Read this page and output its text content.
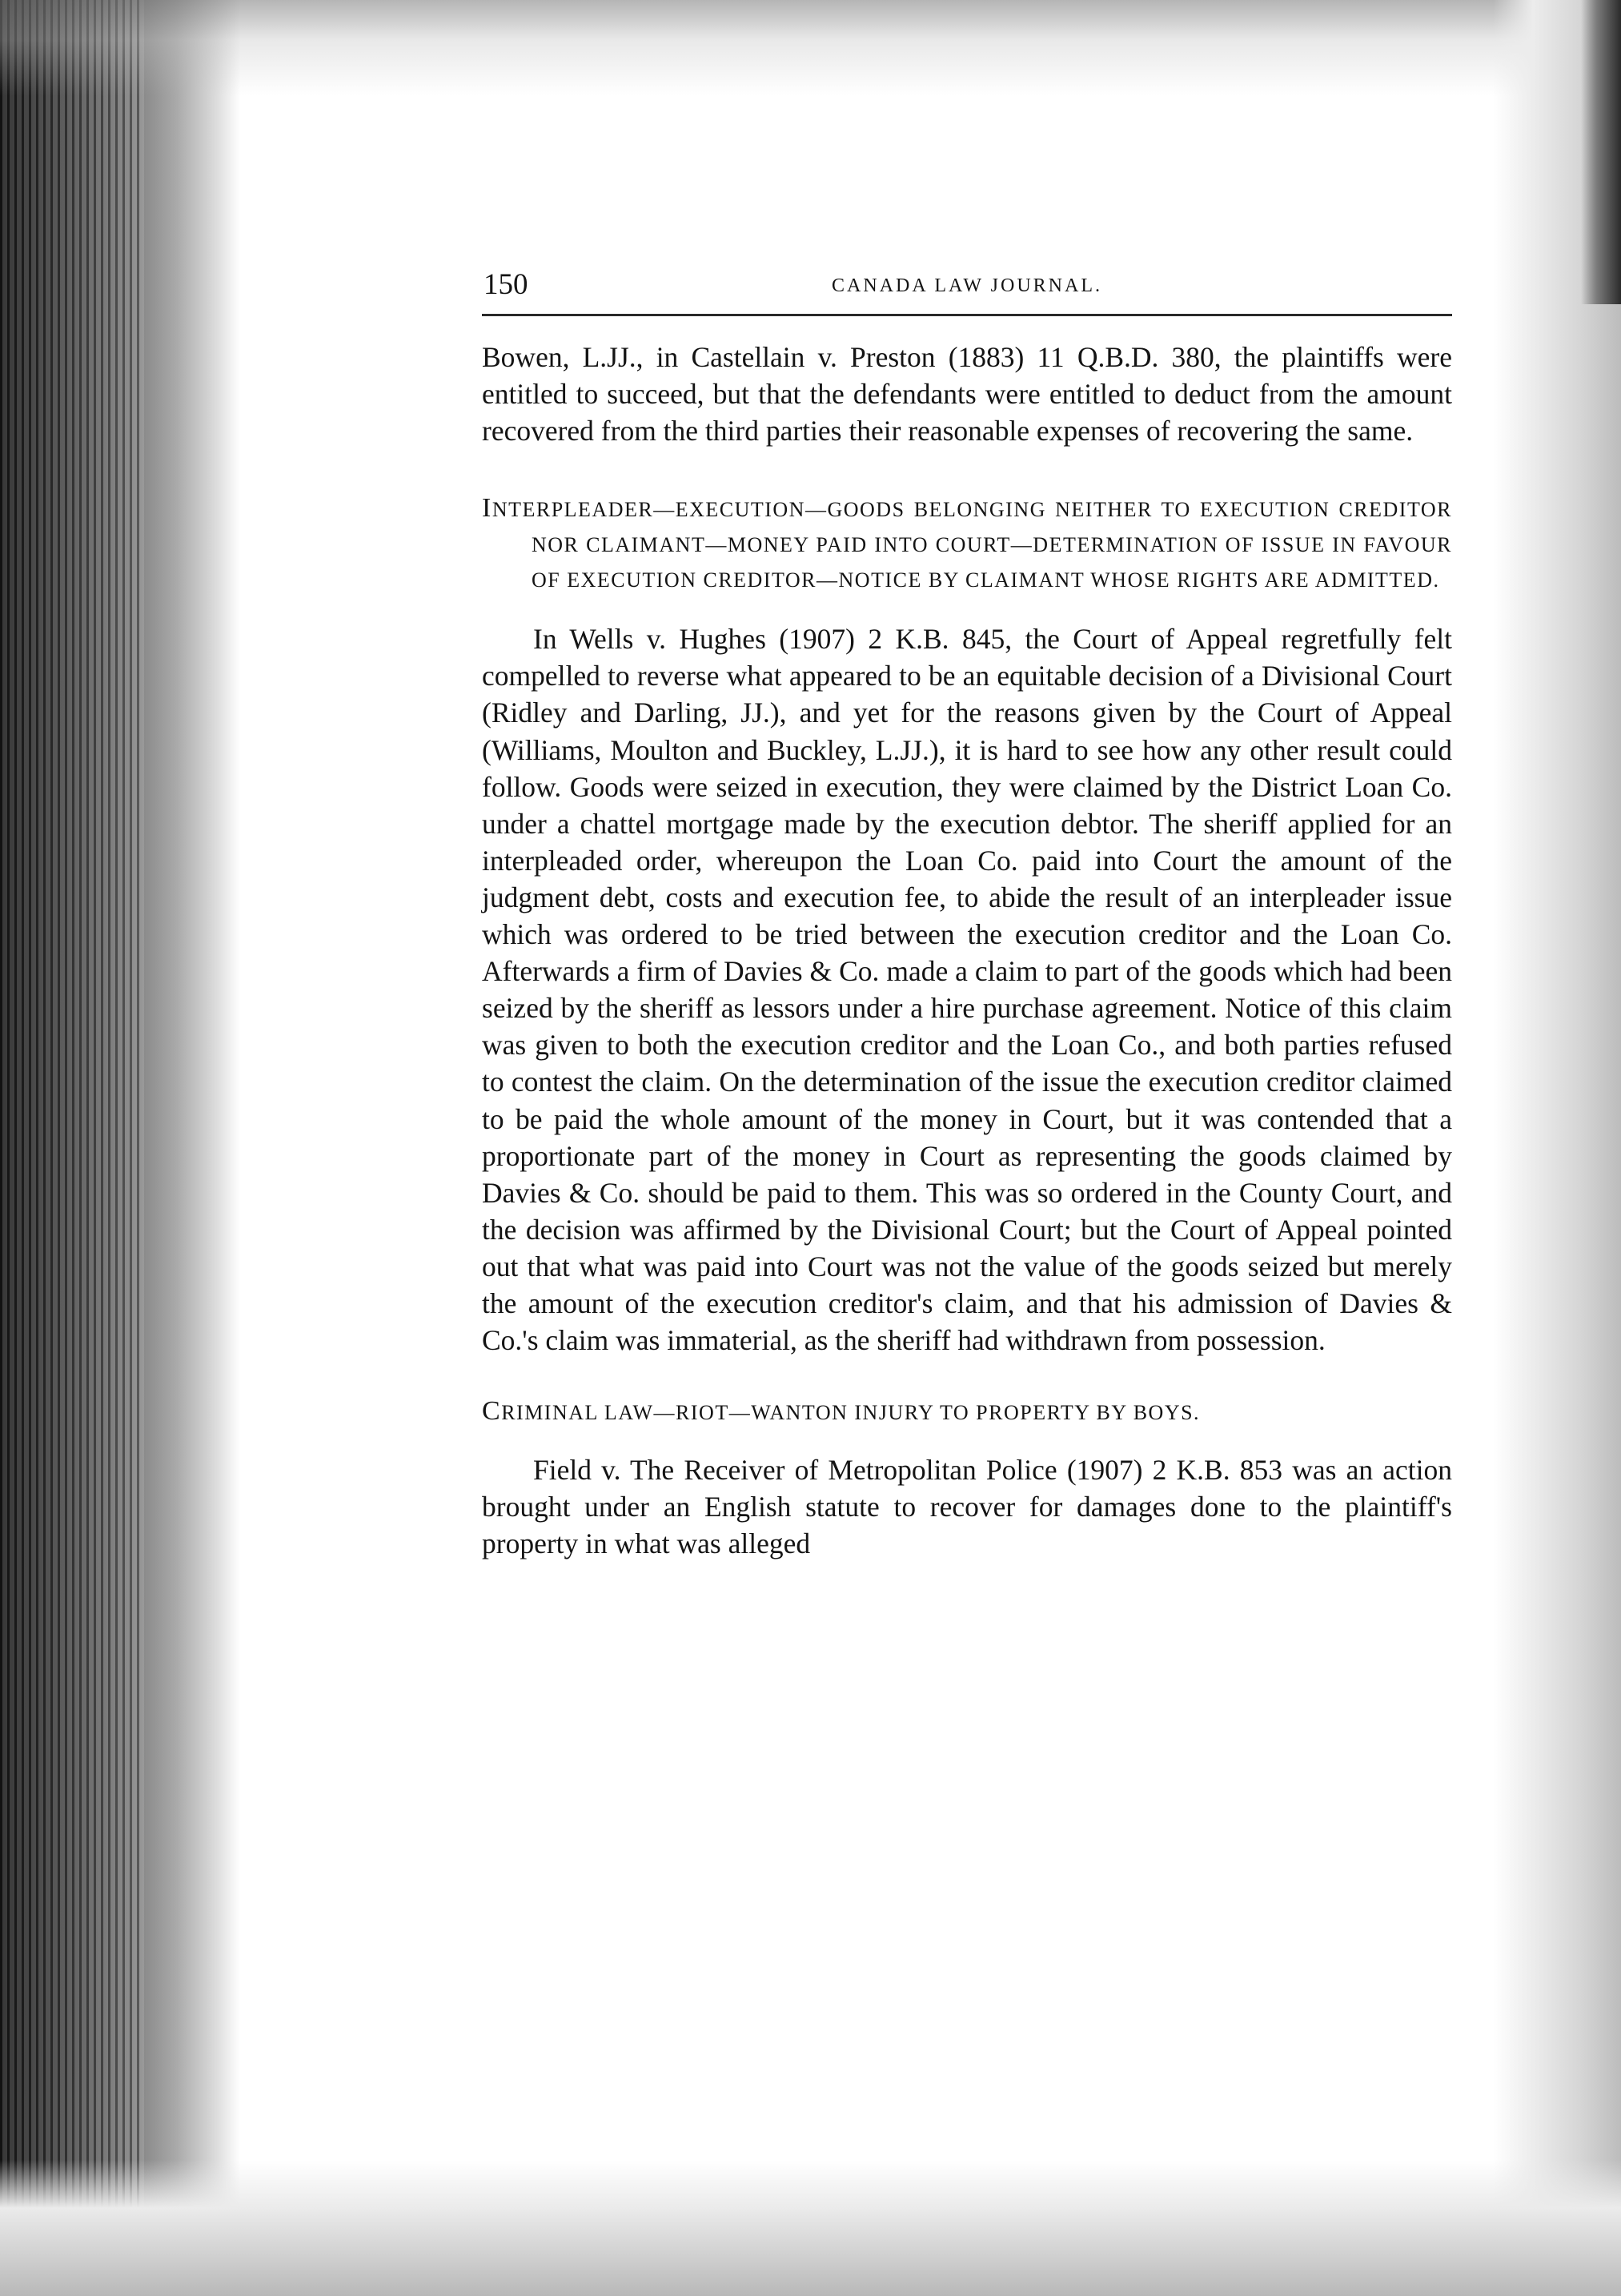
150	CANADA LAW JOURNAL.

Bowen, L.JJ., in Castellain v. Preston (1883) 11 Q.B.D. 380, the plaintiffs were entitled to succeed, but that the defendants were entitled to deduct from the amount recovered from the third parties their reasonable expenses of recovering the same.

INTERPLEADER—EXECUTION—GOODS BELONGING NEITHER TO EXECUTION CREDITOR NOR CLAIMANT—MONEY PAID INTO COURT—DETERMINATION OF ISSUE IN FAVOUR OF EXECUTION CREDITOR—NOTICE BY CLAIMANT WHOSE RIGHTS ARE ADMITTED.

In Wells v. Hughes (1907) 2 K.B. 845, the Court of Appeal regretfully felt compelled to reverse what appeared to be an equitable decision of a Divisional Court (Ridley and Darling, JJ.), and yet for the reasons given by the Court of Appeal (Williams, Moulton and Buckley, L.JJ.), it is hard to see how any other result could follow. Goods were seized in execution, they were claimed by the District Loan Co. under a chattel mortgage made by the execution debtor. The sheriff applied for an interpleaded order, whereupon the Loan Co. paid into Court the amount of the judgment debt, costs and execution fee, to abide the result of an interpleader issue which was ordered to be tried between the execution creditor and the Loan Co. Afterwards a firm of Davies & Co. made a claim to part of the goods which had been seized by the sheriff as lessors under a hire purchase agreement. Notice of this claim was given to both the execution creditor and the Loan Co., and both parties refused to contest the claim. On the determination of the issue the execution creditor claimed to be paid the whole amount of the money in Court, but it was contended that a proportionate part of the money in Court as representing the goods claimed by Davies & Co. should be paid to them. This was so ordered in the County Court, and the decision was affirmed by the Divisional Court; but the Court of Appeal pointed out that what was paid into Court was not the value of the goods seized but merely the amount of the execution creditor's claim, and that his admission of Davies & Co.'s claim was immaterial, as the sheriff had withdrawn from possession.

CRIMINAL LAW—RIOT—WANTON INJURY TO PROPERTY BY BOYS.

Field v. The Receiver of Metropolitan Police (1907) 2 K.B. 853 was an action brought under an English statute to recover for damages done to the plaintiff's property in what was alleged
